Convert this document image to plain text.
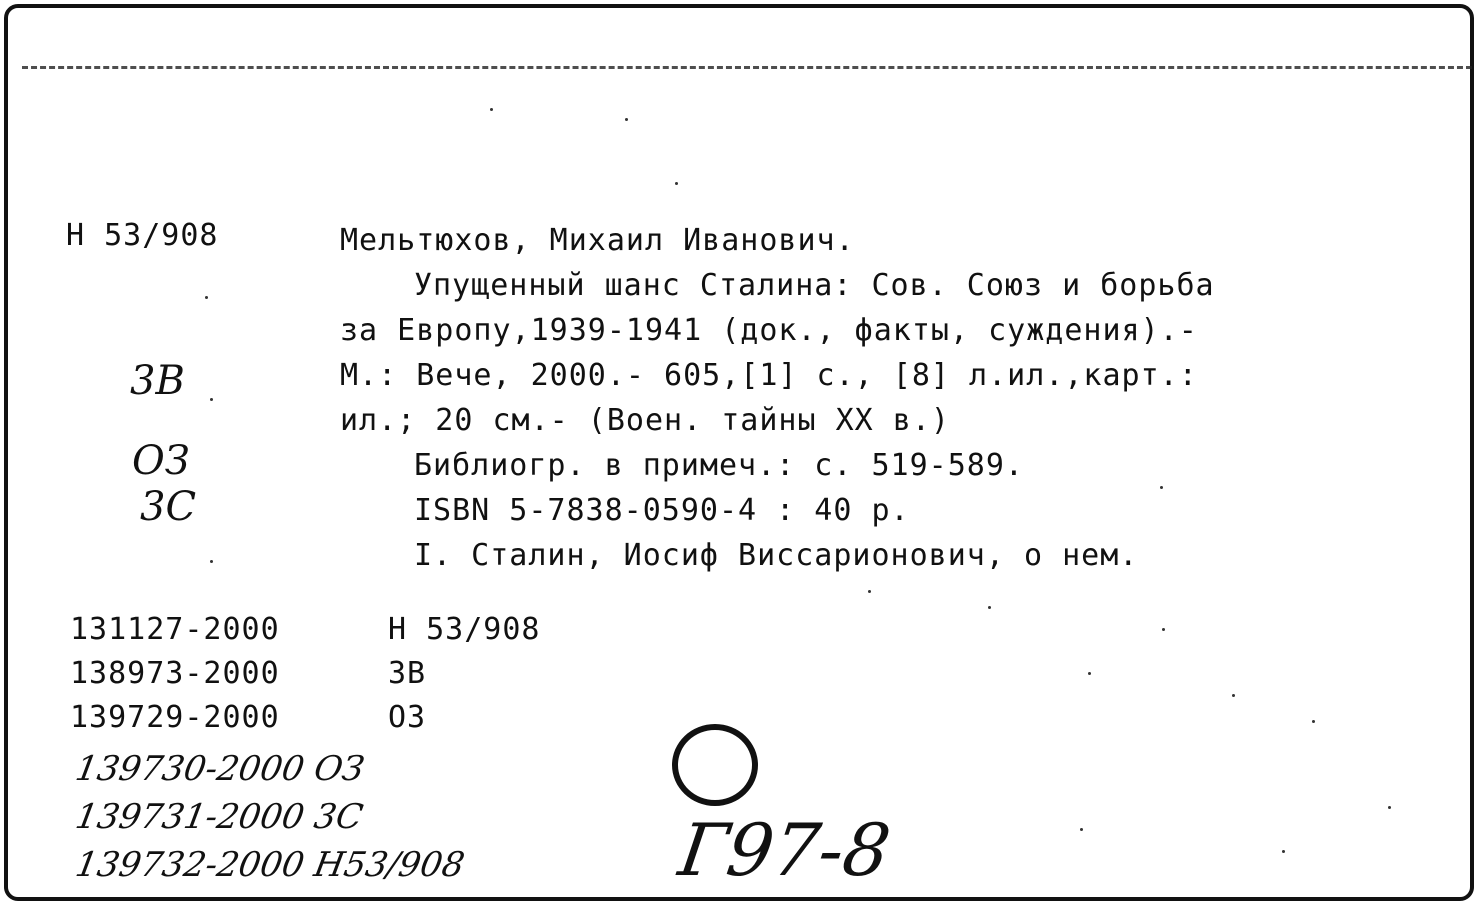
Н 53/908	Мельтюхов, Михаил Иванович.
Упущенный шанс Сталина: Сов. Союз и борьба
за Европу,1939-1941 (док., факты, суждения).-
М.: Вече, 2000.- 605,[1] с., [8] л.ил.,карт.:
ил.; 20 см.- (Воен. тайны XX в.)
Библиогр. в примеч.: с. 519-589.
ISBN 5-7838-0590-4 : 40 р.
I. Сталин, Иосиф Виссарионович, о нем.
3В
ОЗ
3С
131127-2000	Н 53/908
138973-2000	3В
139729-2000	ОЗ
139730-2000 ОЗ
139731-2000 3С
139732-2000 Н53/908	Г97-8
